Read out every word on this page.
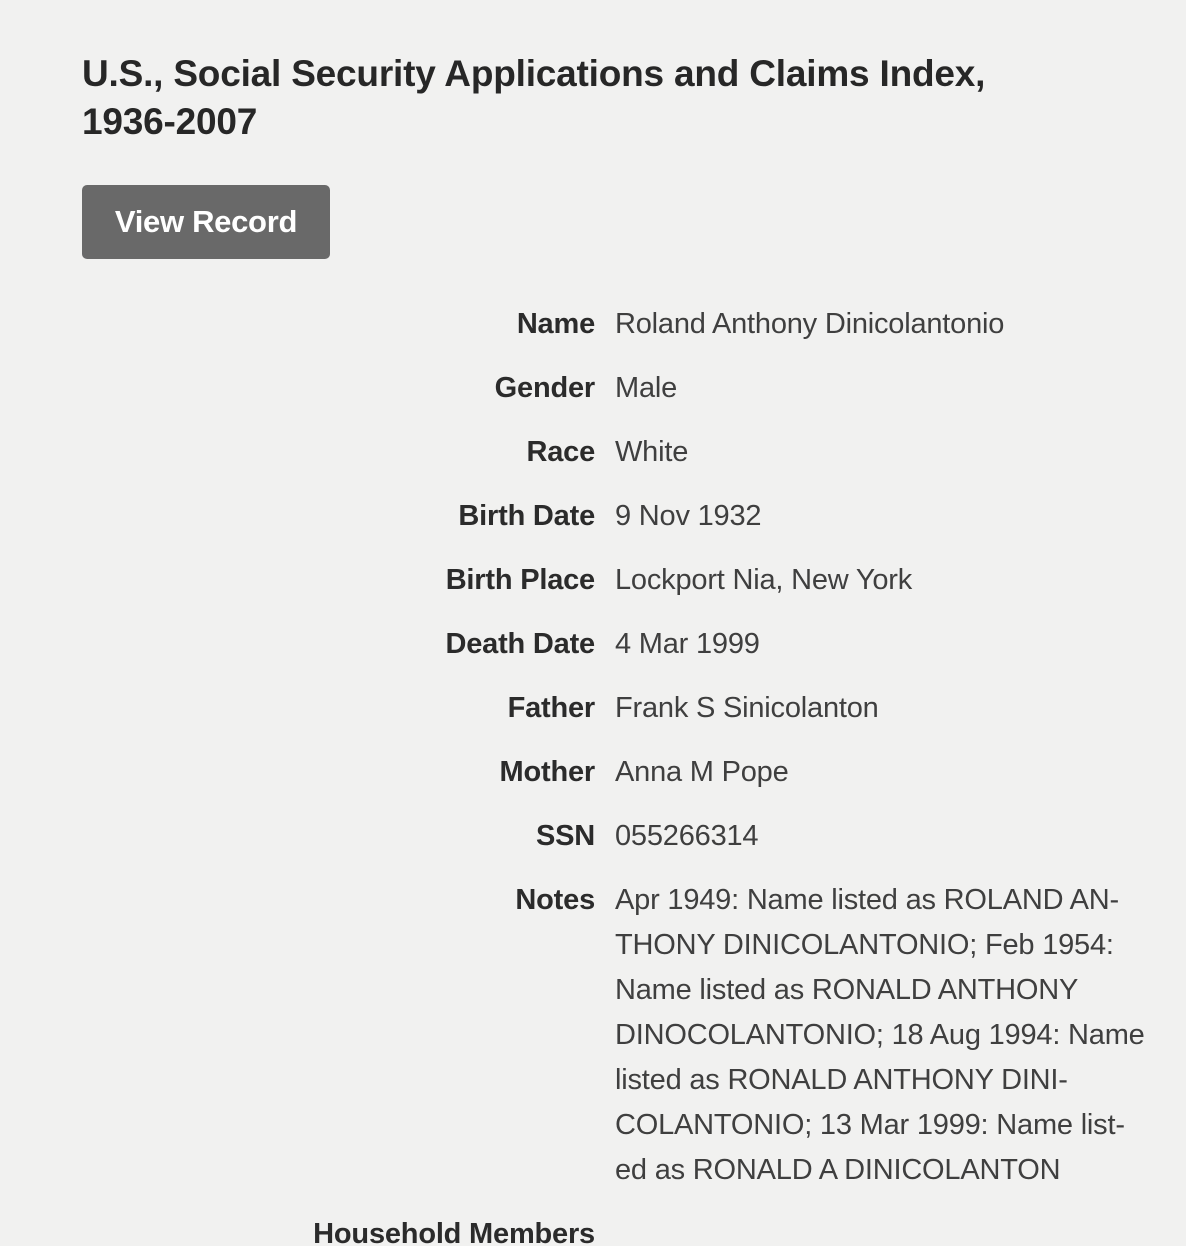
U.S., Social Security Applications and Claims Index, 1936-2007
View Record
Name Roland Anthony Dinicolantonio
Gender Male
Race White
Birth Date 9 Nov 1932
Birth Place Lockport Nia, New York
Death Date 4 Mar 1999
Father Frank S Sinicolanton
Mother Anna M Pope
SSN 055266314
Notes Apr 1949: Name listed as ROLAND AN-
THONY DINICOLANTONIO; Feb 1954:
Name listed as RONALD ANTHONY
DINOCOLANTONIO; 18 Aug 1994: Name
listed as RONALD ANTHONY DINI-
COLANTONIO; 13 Mar 1999: Name list-
ed as RONALD A DINICOLANTON
Household Members
